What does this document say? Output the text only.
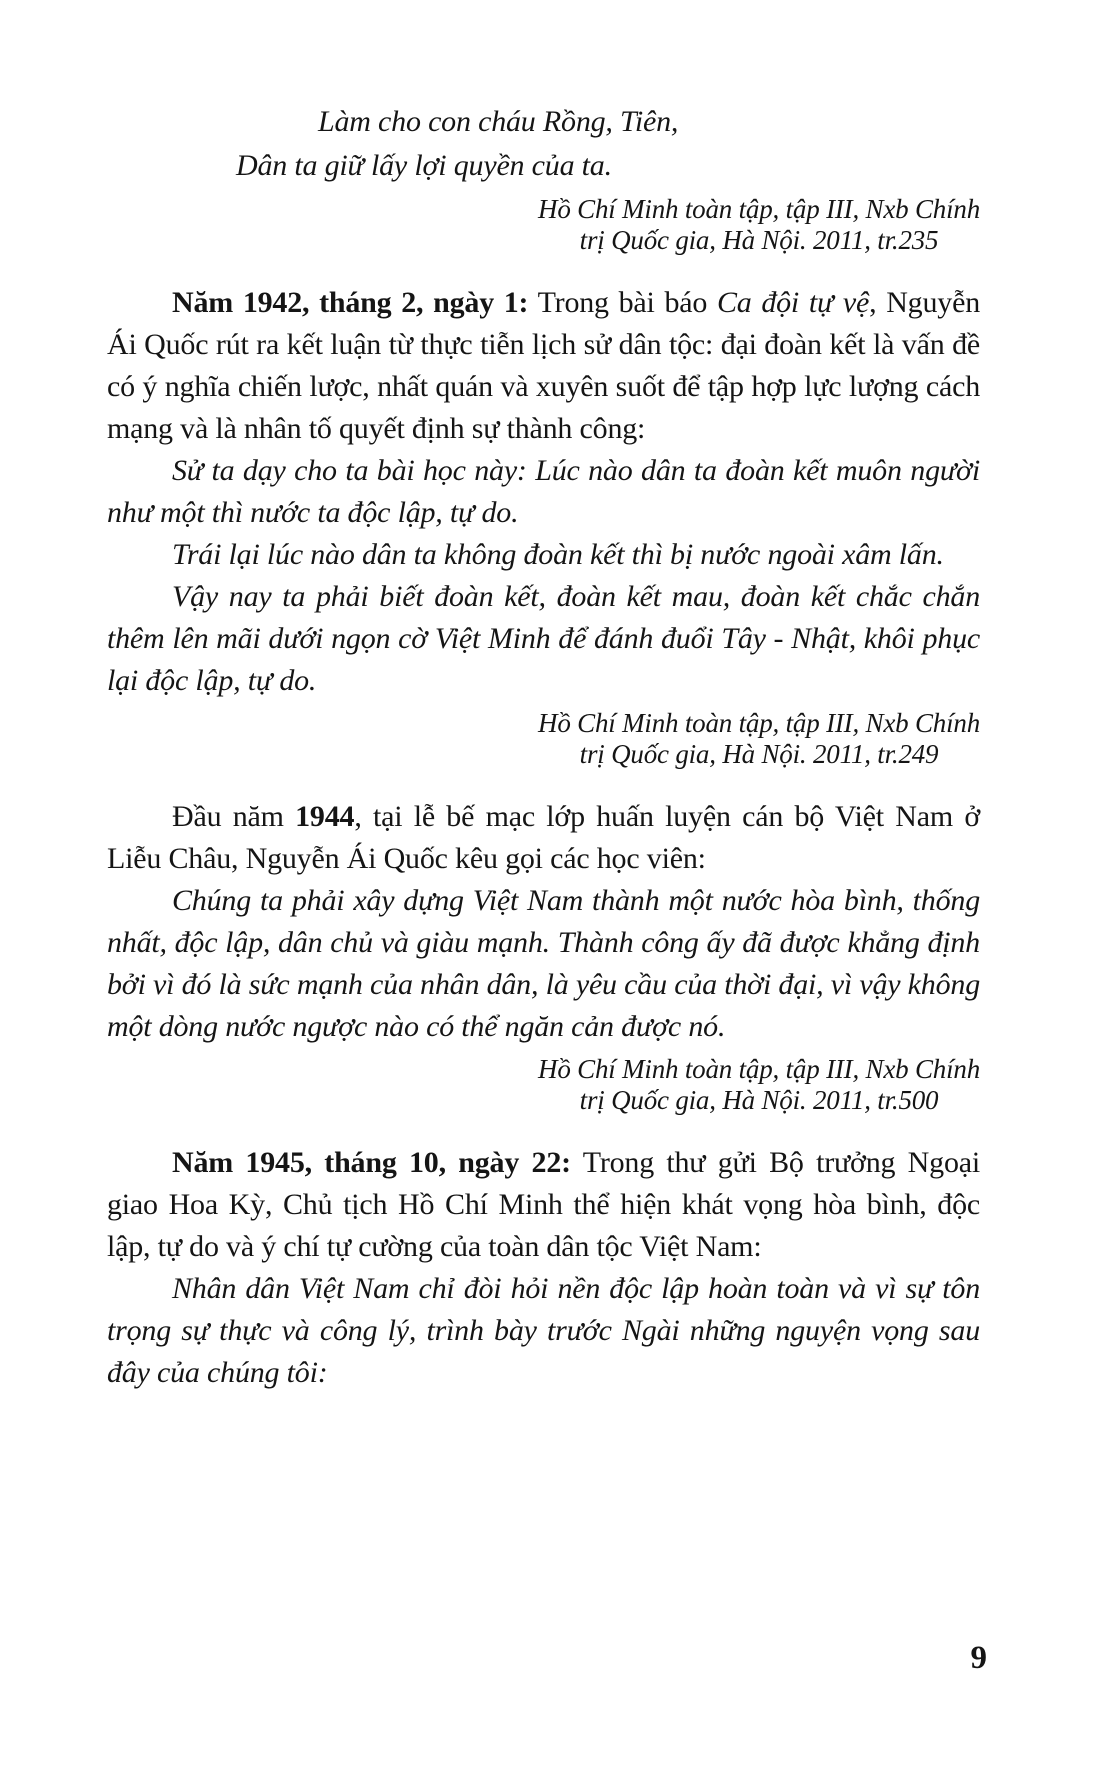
Làm cho con cháu Rồng, Tiên,
Dân ta giữ lấy lợi quyền của ta.
Hồ Chí Minh toàn tập, tập III, Nxb Chính
trị Quốc gia, Hà Nội. 2011, tr.235

Năm 1942, tháng 2, ngày 1: Trong bài báo Ca đội tự vệ, Nguyễn Ái Quốc rút ra kết luận từ thực tiễn lịch sử dân tộc: đại đoàn kết là vấn đề có ý nghĩa chiến lược, nhất quán và xuyên suốt để tập hợp lực lượng cách mạng và là nhân tố quyết định sự thành công:

Sử ta dạy cho ta bài học này: Lúc nào dân ta đoàn kết muôn người như một thì nước ta độc lập, tự do.

Trái lại lúc nào dân ta không đoàn kết thì bị nước ngoài xâm lấn.

Vậy nay ta phải biết đoàn kết, đoàn kết mau, đoàn kết chắc chắn thêm lên mãi dưới ngọn cờ Việt Minh để đánh đuổi Tây - Nhật, khôi phục lại độc lập, tự do.

Hồ Chí Minh toàn tập, tập III, Nxb Chính
trị Quốc gia, Hà Nội. 2011, tr.249

Đầu năm 1944, tại lễ bế mạc lớp huấn luyện cán bộ Việt Nam ở Liễu Châu, Nguyễn Ái Quốc kêu gọi các học viên:

Chúng ta phải xây dựng Việt Nam thành một nước hòa bình, thống nhất, độc lập, dân chủ và giàu mạnh. Thành công ấy đã được khẳng định bởi vì đó là sức mạnh của nhân dân, là yêu cầu của thời đại, vì vậy không một dòng nước ngược nào có thể ngăn cản được nó.

Hồ Chí Minh toàn tập, tập III, Nxb Chính
trị Quốc gia, Hà Nội. 2011, tr.500

Năm 1945, tháng 10, ngày 22: Trong thư gửi Bộ trưởng Ngoại giao Hoa Kỳ, Chủ tịch Hồ Chí Minh thể hiện khát vọng hòa bình, độc lập, tự do và ý chí tự cường của toàn dân tộc Việt Nam:

Nhân dân Việt Nam chỉ đòi hỏi nền độc lập hoàn toàn và vì sự tôn trọng sự thực và công lý, trình bày trước Ngài những nguyện vọng sau đây của chúng tôi:

9
